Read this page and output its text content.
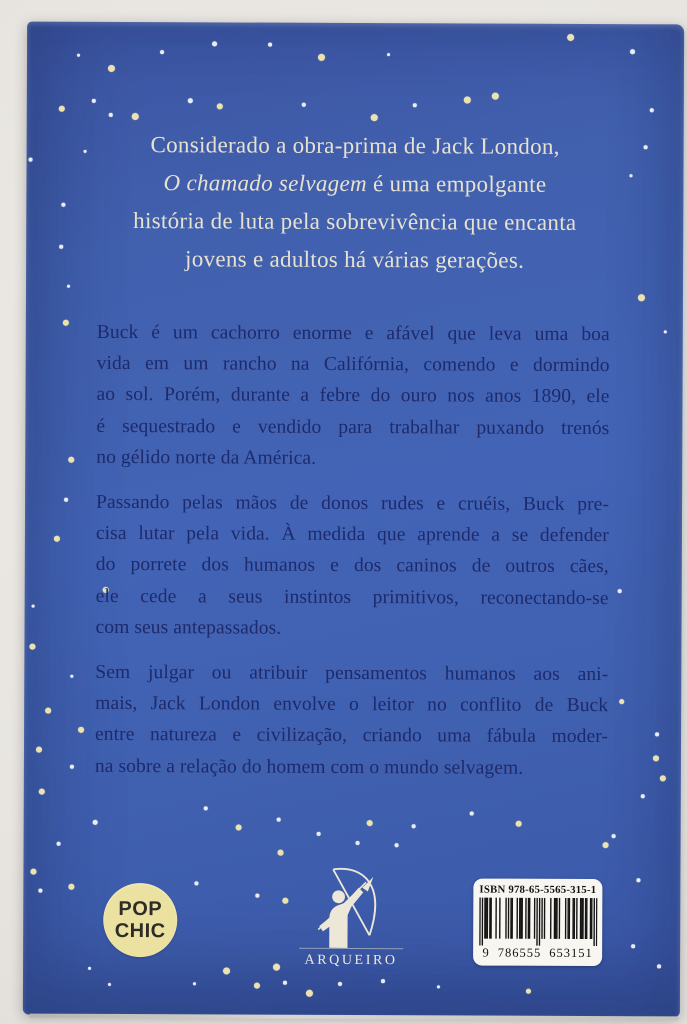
Considerado a obra-prima de Jack London,
O chamado selvagem é uma empolgante
história de luta pela sobrevivência que encanta
jovens e adultos há várias gerações.
Buck é um cachorro enorme e afável que leva uma boa
vida em um rancho na Califórnia, comendo e dormindo
ao sol. Porém, durante a febre do ouro nos anos 1890, ele
é sequestrado e vendido para trabalhar puxando trenós
no gélido norte da América.
Passando pelas mãos de donos rudes e cruéis, Buck pre-
cisa lutar pela vida. À medida que aprende a se defender
do porrete dos humanos e dos caninos de outros cães,
ele cede a seus instintos primitivos, reconectando-se
com seus antepassados.
Sem julgar ou atribuir pensamentos humanos aos ani-
mais, Jack London envolve o leitor no conflito de Buck
entre natureza e civilização, criando uma fábula moder-
na sobre a relação do homem com o mundo selvagem.
POP
CHIC
ARQUEIRO
ISBN 978-65-5565-315-1
9 786555 653151
